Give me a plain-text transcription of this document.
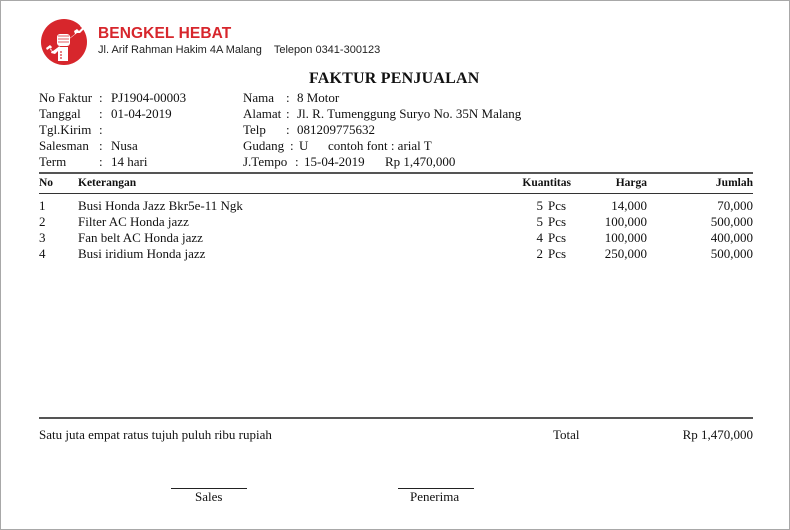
BENGKEL HEBAT
Jl. Arif Rahman Hakim 4A Malang Telepon 0341-300123
FAKTUR PENJUALAN
No Faktur : PJ1904-00003
Tanggal	: 01-04-2019
Tgl.Kirim :
Salesman : Nusa
Term	: 14 hari
Nama : 8 Motor
Alamat : Jl. R. Tumenggung Suryo No. 35N Malang
Telp	: 081209775632
Gudang : U	contoh font : arial T
J.Tempo : 15-04-2019	Rp 1,470,000
No Keterangan	Kuantitas	Harga	Jumlah
1	Busi Honda Jazz Bkr5e-11 Ngk	5 Pcs	14,000	70,000
2	Filter AC Honda jazz	5 Pcs	100,000	500,000
3	Fan belt AC Honda jazz	4 Pcs	100,000	400,000
4	Busi iridium Honda jazz	2 Pcs	250,000	500,000
Satu juta empat ratus tujuh puluh ribu rupiah	Total	Rp 1,470,000
Sales	Penerima
